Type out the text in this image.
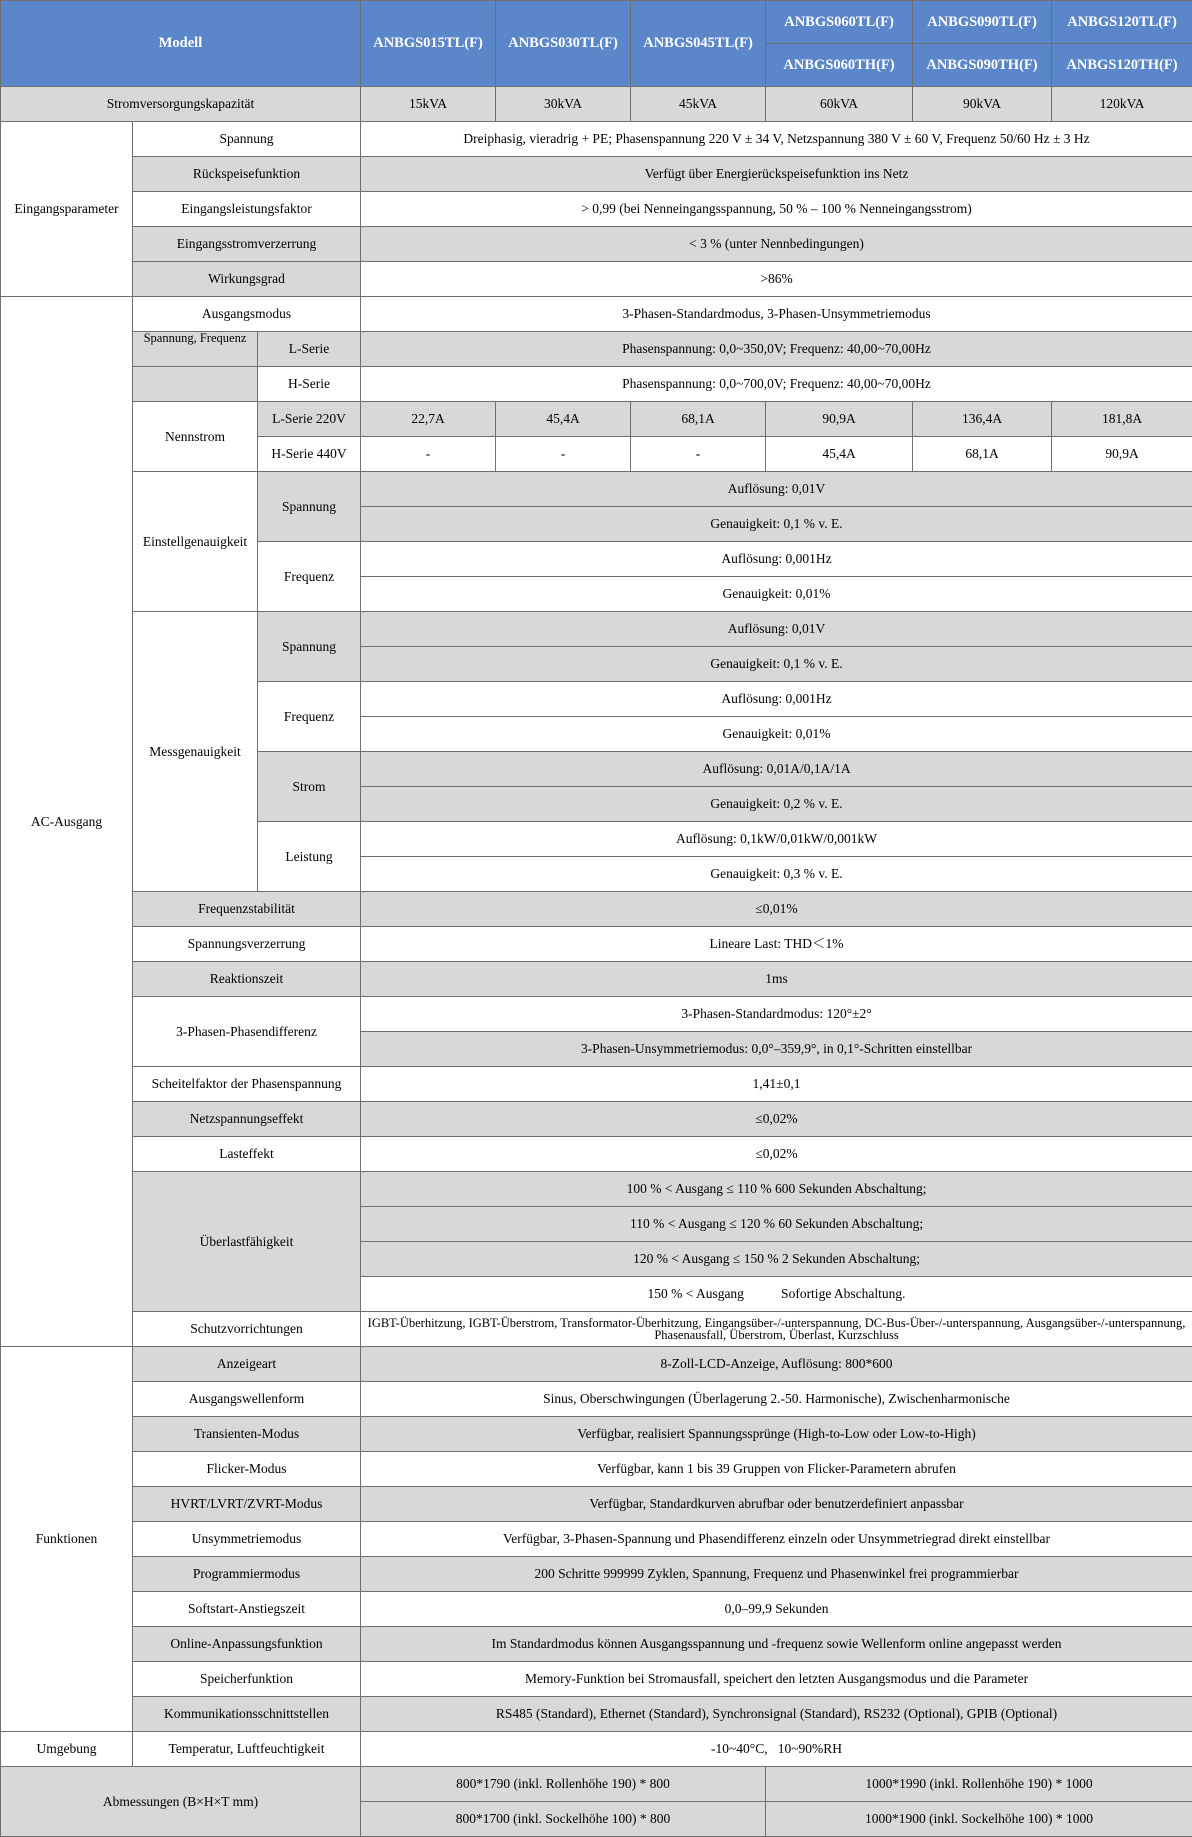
Modell			ANBGS015TL(F)	ANBGS030TL(F)	ANBGS045TL(F)	ANBGS060TL(F)	ANBGS090TL(F)	ANBGS120TL(F)
						ANBGS060TH(F)	ANBGS090TH(F)	ANBGS120TH(F)
Stromversorgungskapazität			15kVA	30kVA	45kVA	60kVA	90kVA	120kVA
Eingangsparameter	Spannung		Dreiphasig, vieradrig + PE; Phasenspannung 220 V ± 34 V, Netzspannung 380 V ± 60 V, Frequenz 50/60 Hz ± 3 Hz					
	Rückspeisefunktion		Verfügt über Energierückspeisefunktion ins Netz					
	Eingangsleistungsfaktor		> 0,99 (bei Nenneingangsspannung, 50 % – 100 % Nenneingangsstrom)					
	Eingangsstromverzerrung		< 3 % (unter Nennbedingungen)					
	Wirkungsgrad		>86%					
AC-Ausgang	Ausgangsmodus		3-Phasen-Standardmodus, 3-Phasen-Unsymmetriemodus					
	Spannung, Frequenz	L-Serie	Phasenspannung: 0,0~350,0V; Frequenz: 40,00~70,00Hz					
		H-Serie	Phasenspannung: 0,0~700,0V; Frequenz: 40,00~70,00Hz					
	Nennstrom	L-Serie 220V	22,7A	45,4A	68,1A	90,9A	136,4A	181,8A
		H-Serie 440V	-	-	-	45,4A	68,1A	90,9A
	Einstellgenauigkeit	Spannung	Auflösung: 0,01V					
			Genauigkeit: 0,1 % v. E.					
		Frequenz	Auflösung: 0,001Hz					
			Genauigkeit: 0,01%					
	Messgenauigkeit	Spannung	Auflösung: 0,01V					
			Genauigkeit: 0,1 % v. E.					
		Frequenz	Auflösung: 0,001Hz					
			Genauigkeit: 0,01%					
		Strom	Auflösung: 0,01A/0,1A/1A					
			Genauigkeit: 0,2 % v. E.					
		Leistung	Auflösung: 0,1kW/0,01kW/0,001kW					
			Genauigkeit: 0,3 % v. E.					
	Frequenzstabilität		≤0,01%					
	Spannungsverzerrung		Lineare Last: THD＜1%					
	Reaktionszeit		1ms					
	3-Phasen-Phasendifferenz		3-Phasen-Standardmodus: 120°±2°					
			3-Phasen-Unsymmetriemodus: 0,0°–359,9°, in 0,1°-Schritten einstellbar					
	Scheitelfaktor der Phasenspannung		1,41±0,1					
	Netzspannungseffekt		≤0,02%					
	Lasteffekt		≤0,02%					
	Überlastfähigkeit		100 % < Ausgang ≤ 110 % 600 Sekunden Abschaltung;					
			110 % < Ausgang ≤ 120 % 60 Sekunden Abschaltung;					
			120 % < Ausgang ≤ 150 % 2 Sekunden Abschaltung;					
			150 % < Ausgang           Sofortige Abschaltung.					
	Schutzvorrichtungen		IGBT-Überhitzung, IGBT-Überstrom, Transformator-Überhitzung, Eingangsüber-/-unterspannung, DC-Bus-Über-/-unterspannung, Ausgangsüber-/-unterspannung, Phasenausfall, Überstrom, Überlast, Kurzschluss					
Funktionen	Anzeigeart		8-Zoll-LCD-Anzeige, Auflösung: 800*600					
	Ausgangswellenform		Sinus, Oberschwingungen (Überlagerung 2.-50. Harmonische), Zwischenharmonische					
	Transienten-Modus		Verfügbar, realisiert Spannungssprünge (High-to-Low oder Low-to-High)					
	Flicker-Modus		Verfügbar, kann 1 bis 39 Gruppen von Flicker-Parametern abrufen					
	HVRT/LVRT/ZVRT-Modus		Verfügbar, Standardkurven abrufbar oder benutzerdefiniert anpassbar					
	Unsymmetriemodus		Verfügbar, 3-Phasen-Spannung und Phasendifferenz einzeln oder Unsymmetriegrad direkt einstellbar					
	Programmiermodus		200 Schritte 999999 Zyklen, Spannung, Frequenz und Phasenwinkel frei programmierbar					
	Softstart-Anstiegszeit		0,0–99,9 Sekunden					
	Online-Anpassungsfunktion		Im Standardmodus können Ausgangsspannung und -frequenz sowie Wellenform online angepasst werden					
	Speicherfunktion		Memory-Funktion bei Stromausfall, speichert den letzten Ausgangsmodus und die Parameter					
	Kommunikationsschnittstellen		RS485 (Standard), Ethernet (Standard), Synchronsignal (Standard), RS232 (Optional), GPIB (Optional)					
Umgebung	Temperatur, Luftfeuchtigkeit		-10~40°C,   10~90%RH					
Abmessungen (B×H×T mm)			800*1790 (inkl. Rollenhöhe 190) * 800			1000*1990 (inkl. Rollenhöhe 190) * 1000		
			800*1700 (inkl. Sockelhöhe 100) * 800			1000*1900 (inkl. Sockelhöhe 100) * 1000		
